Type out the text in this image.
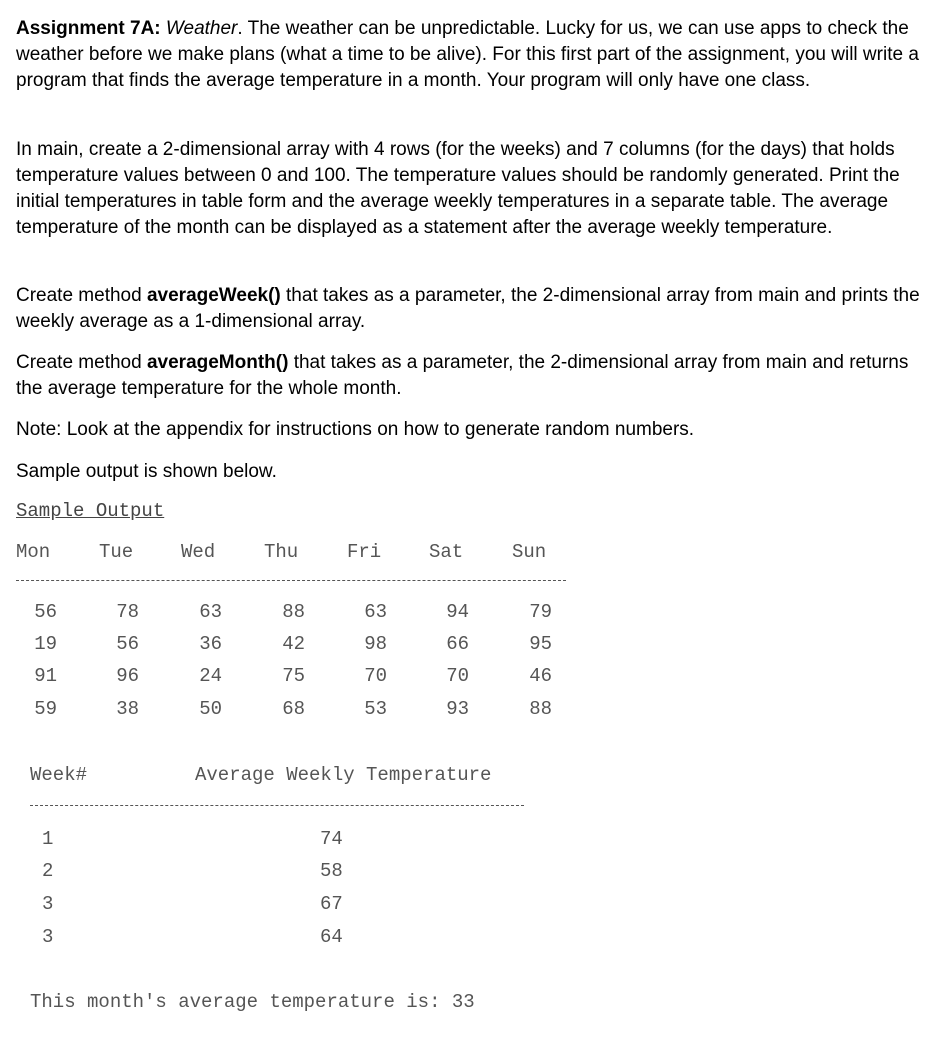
Assignment 7A: Weather. The weather can be unpredictable. Lucky for us, we can use apps to check the weather before we make plans (what a time to be alive). For this first part of the assignment, you will write a program that finds the average temperature in a month. Your program will only have one class.

In main, create a 2-dimensional array with 4 rows (for the weeks) and 7 columns (for the days) that holds temperature values between 0 and 100. The temperature values should be randomly generated. Print the initial temperatures in table form and the average weekly temperatures in a separate table. The average temperature of the month can be displayed as a statement after the average weekly temperature.

Create method averageWeek() that takes as a parameter, the 2-dimensional array from main and prints the weekly average as a 1-dimensional array.

Create method averageMonth() that takes as a parameter, the 2-dimensional array from main and returns the average temperature for the whole month.

Note: Look at the appendix for instructions on how to generate random numbers.

Sample output is shown below.

Sample Output
Mon	Tue	Wed	Thu	Fri	Sat	Sun
56	78	63	88	63	94	79
19	56	36	42	98	66	95
91	96	24	75	70	70	46
59	38	50	68	53	93	88
Week#	Average Weekly Temperature
1	74
2	58
3	67
3	64
This month's average temperature is: 33
